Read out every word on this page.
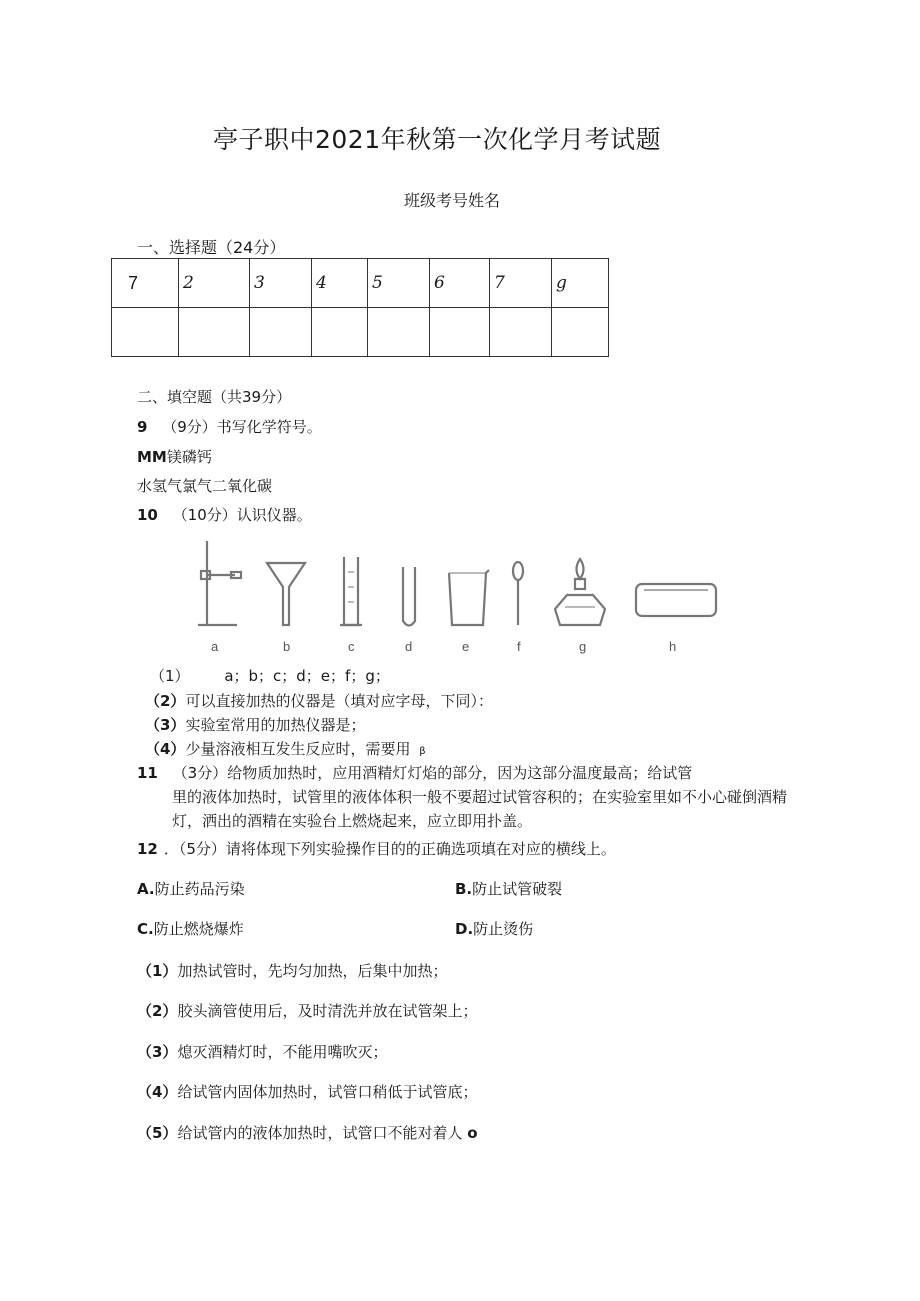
亭子职中2021年秋第一次化学月考试题
班级考号姓名
一、选择题（24分）
7	2	3	4	5	6	7	g

二、填空题（共39分）
9 （9分）书写化学符号。
MM镁磷钙
水氢气氯气二氧化碳
10 （10分）认识仪器。
a	b	c	d	e	f	g	h
（1） a；b；c；d；e；f；g；
（2）可以直接加热的仪器是（填对应字母，下同）：
（3）实验室常用的加热仪器是；
（4）少量溶液相互发生反应时，需要用 β
11 （3分）给物质加热时，应用酒精灯灯焰的部分，因为这部分温度最高；给试管
里的液体加热时，试管里的液体体积一般不要超过试管容积的；在实验室里如不小心碰倒酒精
灯，洒出的酒精在实验台上燃烧起来，应立即用扑盖。
12 ．（5分）请将体现下列实验操作目的的正确选项填在对应的横线上。
A.防止药品污染	B.防止试管破裂
C.防止燃烧爆炸	D.防止烫伤
（1）加热试管时，先均匀加热，后集中加热；
（2）胶头滴管使用后，及时清洗并放在试管架上；
（3）熄灭酒精灯时，不能用嘴吹灭；
（4）给试管内固体加热时，试管口稍低于试管底；
（5）给试管内的液体加热时，试管口不能对着人 o
